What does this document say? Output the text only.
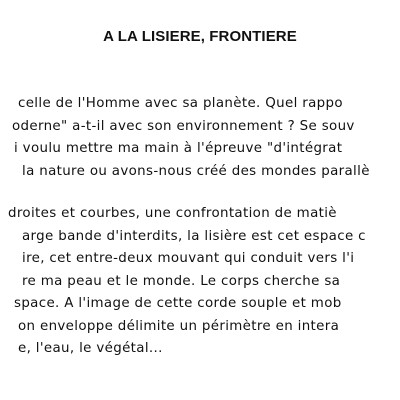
A LA LISIERE, FRONTIERE
celle de l'Homme avec sa planète. Quel rappo
oderne" a-t-il avec son environnement ? Se souv
i voulu mettre ma main à l'épreuve "d'intégrat
la nature ou avons-nous créé des mondes parallè
droites et courbes, une confrontation de matiè
arge bande d'interdits, la lisière est cet espace c
ire, cet entre-deux mouvant qui conduit vers l'i
re ma peau et le monde. Le corps cherche sa
space. A l'image de cette corde souple et mob
on enveloppe délimite un périmètre en intera
e, l'eau, le végétal...
